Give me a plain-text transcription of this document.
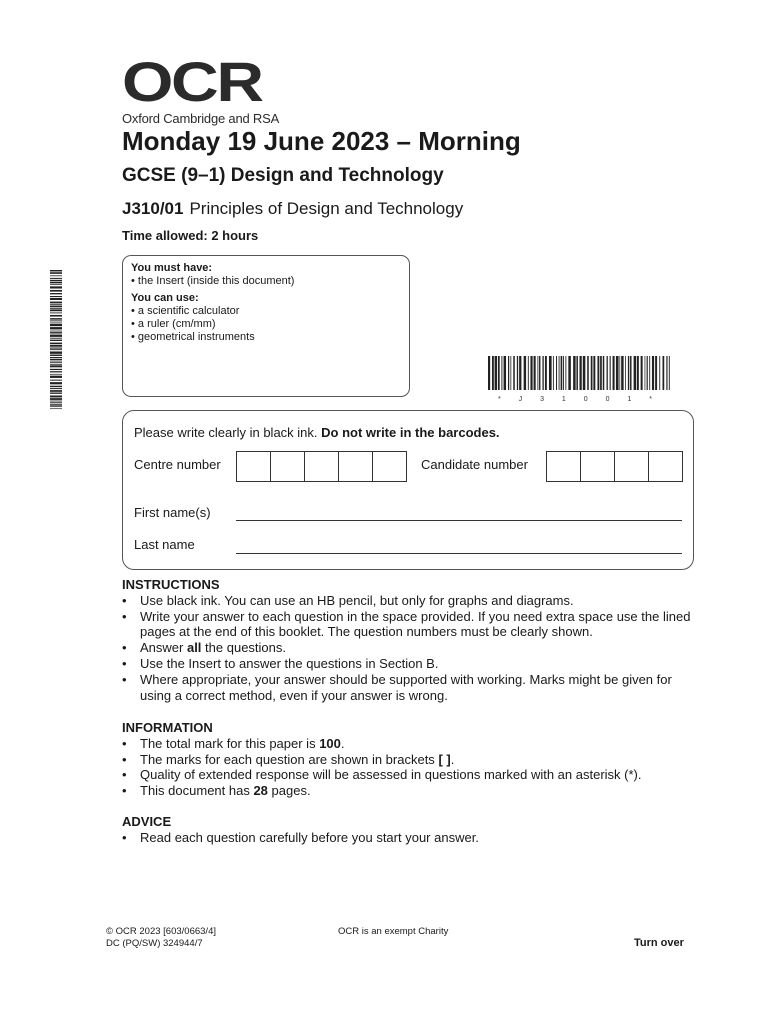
OCR
Oxford Cambridge and RSA
Monday 19 June 2023 – Morning
GCSE (9–1) Design and Technology
J310/01 Principles of Design and Technology
Time allowed: 2 hours
You must have:
• the Insert (inside this document)
You can use:
• a scientific calculator
• a ruler (cm/mm)
• geometrical instruments
* J 3 1 0 0 1 *
Please write clearly in black ink. Do not write in the barcodes.
Centre number	Candidate number
First name(s)
Last name
INSTRUCTIONS
• Use black ink. You can use an HB pencil, but only for graphs and diagrams.
• Write your answer to each question in the space provided. If you need extra space use the lined pages at the end of this booklet. The question numbers must be clearly shown.
• Answer all the questions.
• Use the Insert to answer the questions in Section B.
• Where appropriate, your answer should be supported with working. Marks might be given for using a correct method, even if your answer is wrong.
INFORMATION
• The total mark for this paper is 100.
• The marks for each question are shown in brackets [ ].
• Quality of extended response will be assessed in questions marked with an asterisk (*).
• This document has 28 pages.
ADVICE
• Read each question carefully before you start your answer.
© OCR 2023 [603/0663/4]
DC (PQ/SW) 324944/7
OCR is an exempt Charity
Turn over
